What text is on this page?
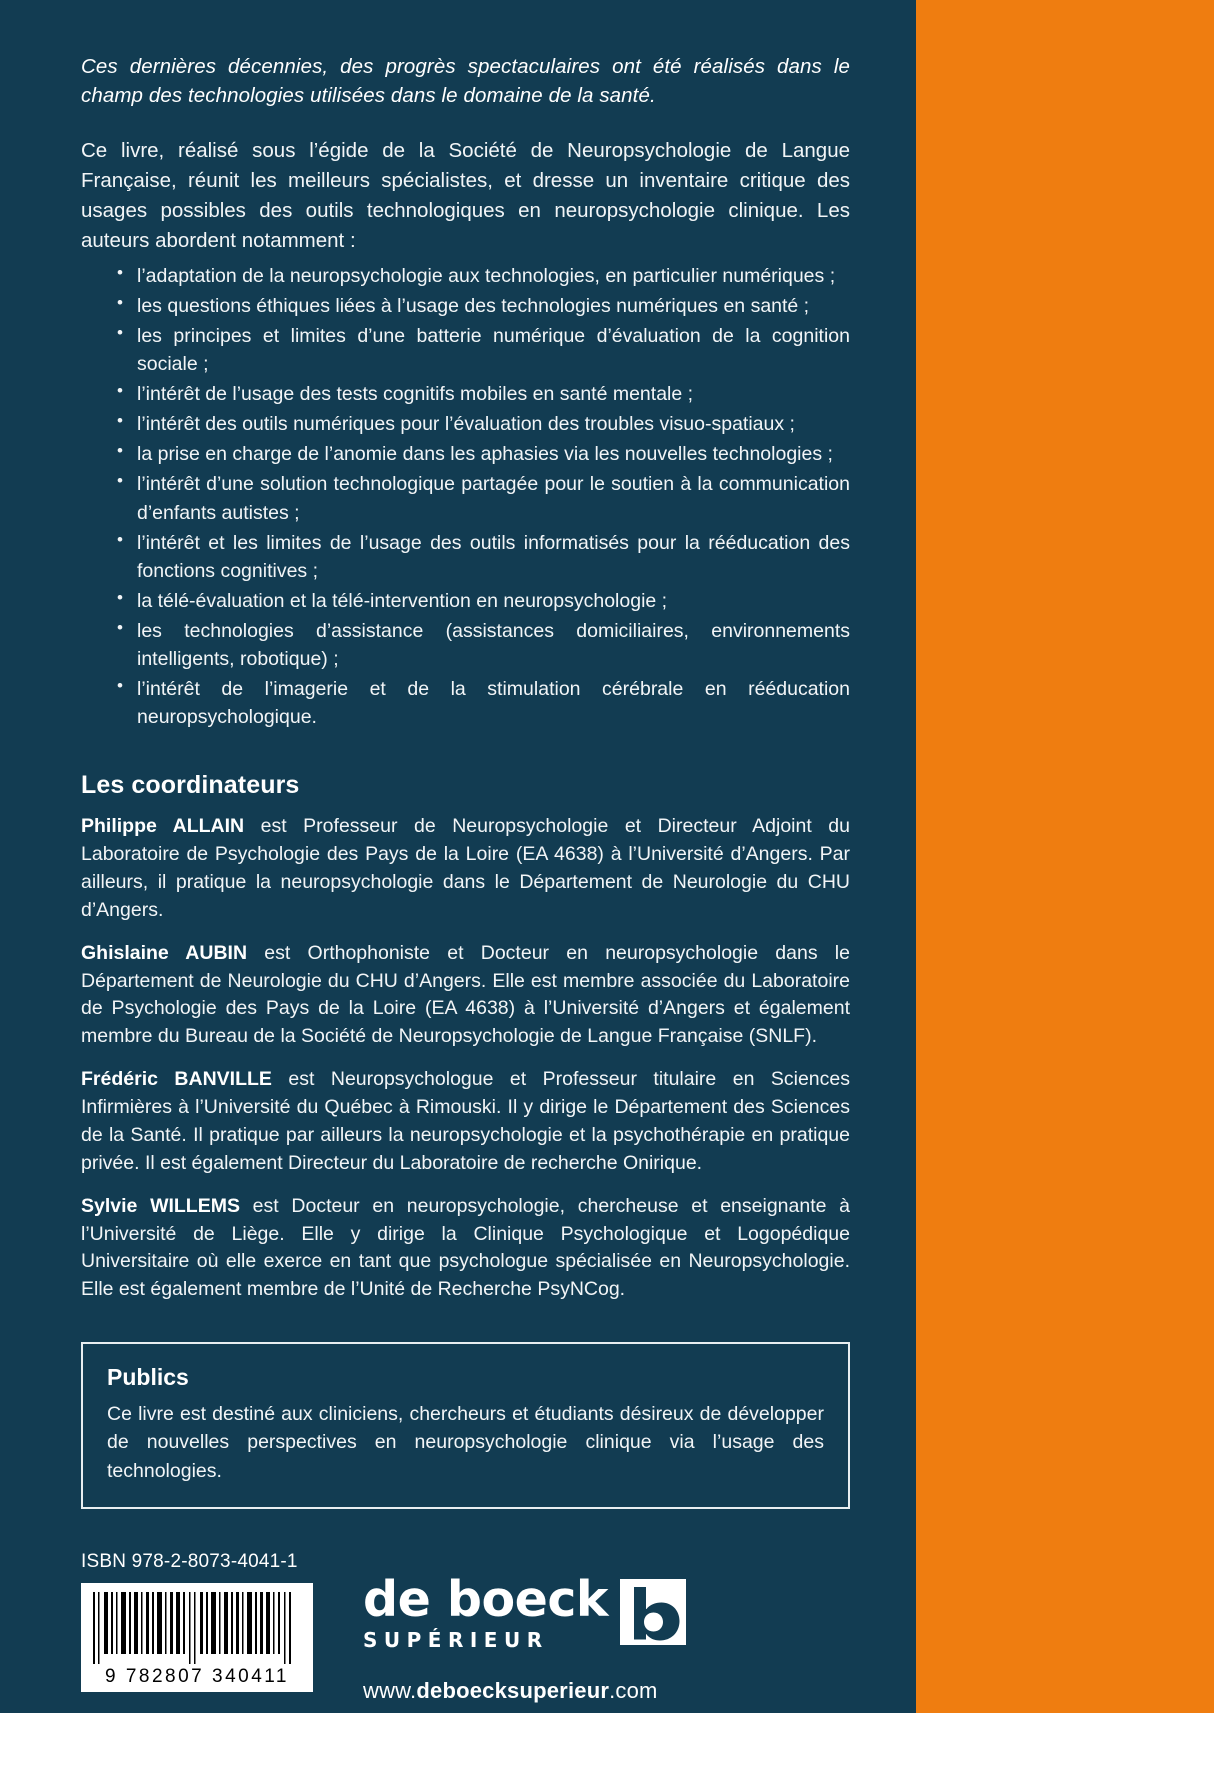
Ces dernières décennies, des progrès spectaculaires ont été réalisés dans le champ des technologies utilisées dans le domaine de la santé.

Ce livre, réalisé sous l’égide de la Société de Neuropsychologie de Langue Française, réunit les meilleurs spécialistes, et dresse un inventaire critique des usages possibles des outils technologiques en neuropsychologie clinique. Les auteurs abordent notamment :

• l’adaptation de la neuropsychologie aux technologies, en particulier numériques ;
• les questions éthiques liées à l’usage des technologies numériques en santé ;
• les principes et limites d’une batterie numérique d’évaluation de la cognition sociale ;
• l’intérêt de l’usage des tests cognitifs mobiles en santé mentale ;
• l’intérêt des outils numériques pour l’évaluation des troubles visuo-spatiaux ;
• la prise en charge de l’anomie dans les aphasies via les nouvelles technologies ;
• l’intérêt d’une solution technologique partagée pour le soutien à la communication d’enfants autistes ;
• l’intérêt et les limites de l’usage des outils informatisés pour la rééducation des fonctions cognitives ;
• la télé-évaluation et la télé-intervention en neuropsychologie ;
• les technologies d’assistance (assistances domiciliaires, environnements intelligents, robotique) ;
• l’intérêt de l’imagerie et de la stimulation cérébrale en rééducation neuropsychologique.
Les coordinateurs

Philippe ALLAIN est Professeur de Neuropsychologie et Directeur Adjoint du Laboratoire de Psychologie des Pays de la Loire (EA 4638) à l’Université d’Angers. Par ailleurs, il pratique la neuropsychologie dans le Département de Neurologie du CHU d’Angers.

Ghislaine AUBIN est Orthophoniste et Docteur en neuropsychologie dans le Département de Neurologie du CHU d’Angers. Elle est membre associée du Laboratoire de Psychologie des Pays de la Loire (EA 4638) à l’Université d’Angers et également membre du Bureau de la Société de Neuropsychologie de Langue Française (SNLF).

Frédéric BANVILLE est Neuropsychologue et Professeur titulaire en Sciences Infirmières à l’Université du Québec à Rimouski. Il y dirige le Département des Sciences de la Santé. Il pratique par ailleurs la neuropsychologie et la psychothérapie en pratique privée. Il est également Directeur du Laboratoire de recherche Onirique.

Sylvie WILLEMS est Docteur en neuropsychologie, chercheuse et enseignante à l’Université de Liège. Elle y dirige la Clinique Psychologique et Logopédique Universitaire où elle exerce en tant que psychologue spécialisée en Neuropsychologie. Elle est également membre de l’Unité de Recherche PsyNCog.

Publics

Ce livre est destiné aux cliniciens, chercheurs et étudiants désireux de développer de nouvelles perspectives en neuropsychologie clinique via l’usage des technologies.

ISBN 978-2-8073-4041-1
9 782807 340411
de boeck
SUPÉRIEUR
www.deboecksuperieur.com
